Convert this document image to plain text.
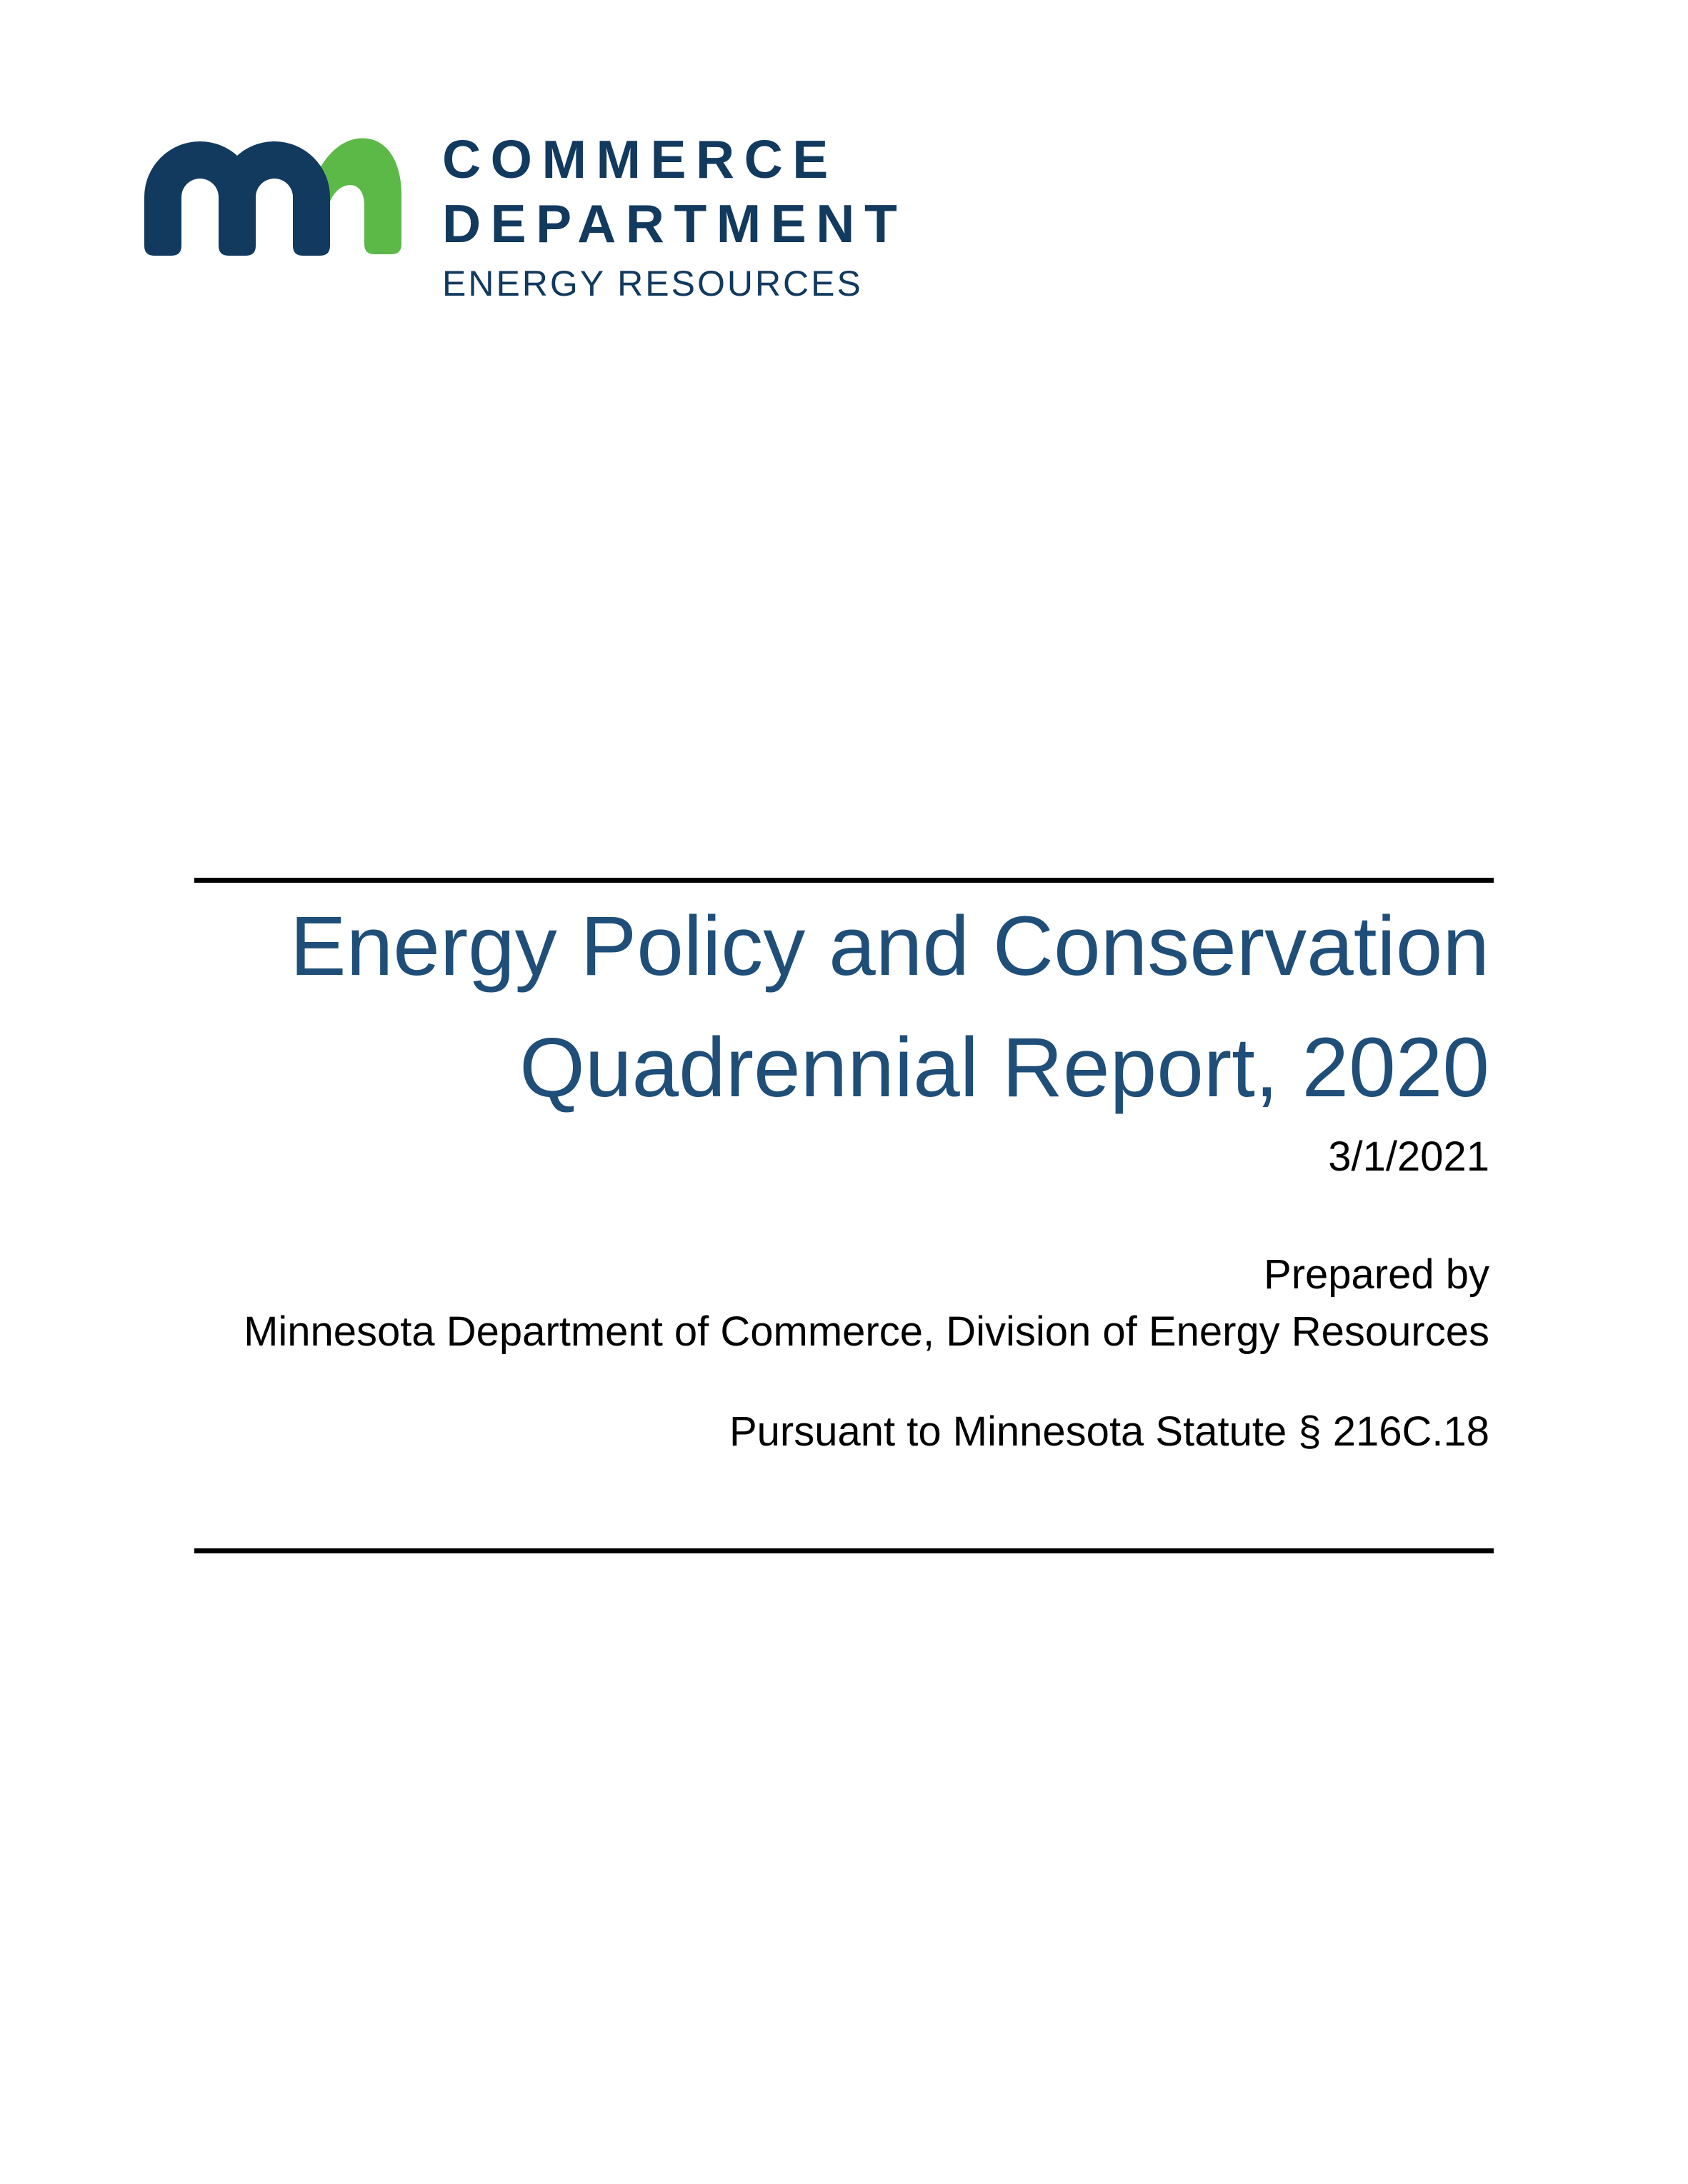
COMMERCE
DEPARTMENT
ENERGY RESOURCES
Energy Policy and Conservation
Quadrennial Report, 2020
3/1/2021
Prepared by
Minnesota Department of Commerce, Division of Energy Resources
Pursuant to Minnesota Statute § 216C.18
